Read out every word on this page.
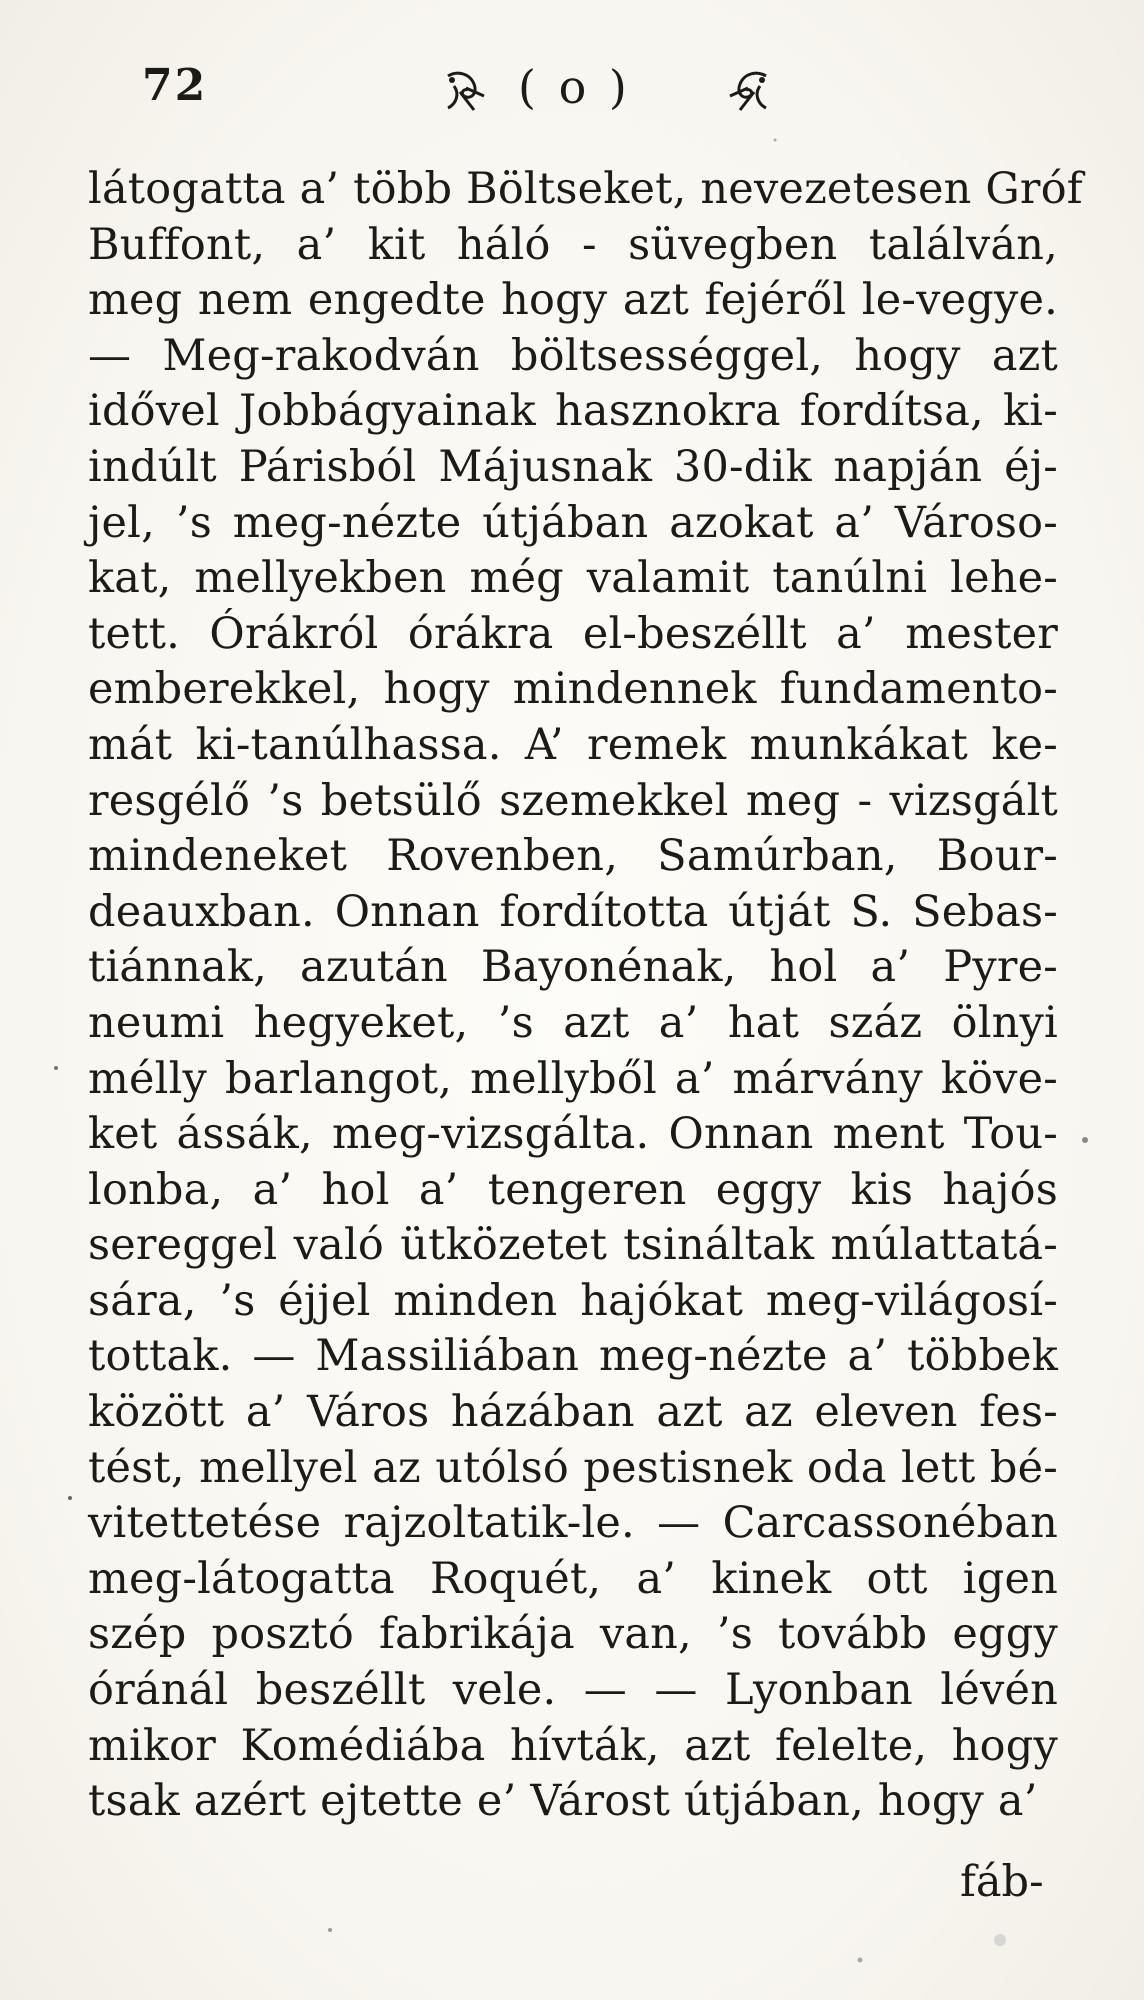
72	( o )
látogatta a’ több Böltseket, nevezetesen Gróf
Buffont, a’ kit háló - süvegben találván,
meg nem engedte hogy azt fejéről le-vegye.
— Meg-rakodván böltsességgel, hogy azt
idővel Jobbágyainak hasznokra fordítsa, ki-
indúlt Párisból Májusnak 30-dik napján éj-
jel, ’s meg-nézte útjában azokat a’ Városo-
kat, mellyekben még valamit tanúlni lehe-
tett. Órákról órákra el-beszéllt a’ mester
emberekkel, hogy mindennek fundamento-
mát ki-tanúlhassa. A’ remek munkákat ke-
resgélő ’s betsülő szemekkel meg - vizsgált
mindeneket Rovenben, Samúrban, Bour-
deauxban. Onnan fordította útját S. Sebas-
tiánnak, azután Bayonénak, hol a’ Pyre-
neumi hegyeket, ’s azt a’ hat száz ölnyi
mélly barlangot, mellyből a’ márvány köve-
ket ássák, meg-vizsgálta. Onnan ment Tou-
lonba, a’ hol a’ tengeren eggy kis hajós
sereggel való ütközetet tsináltak múlattatá-
sára, ’s éjjel minden hajókat meg-világosí-
tottak. — Massiliában meg-nézte a’ többek
között a’ Város házában azt az eleven fes-
tést, mellyel az utólsó pestisnek oda lett bé-
vitettetése rajzoltatik-le. — Carcassonéban
meg-látogatta Roquét, a’ kinek ott igen
szép posztó fabrikája van, ’s tovább eggy
óránál beszéllt vele. — — Lyonban lévén
mikor Komédiába hívták, azt felelte, hogy
tsak azért ejtette e’ Várost útjában, hogy a’
fáb-
